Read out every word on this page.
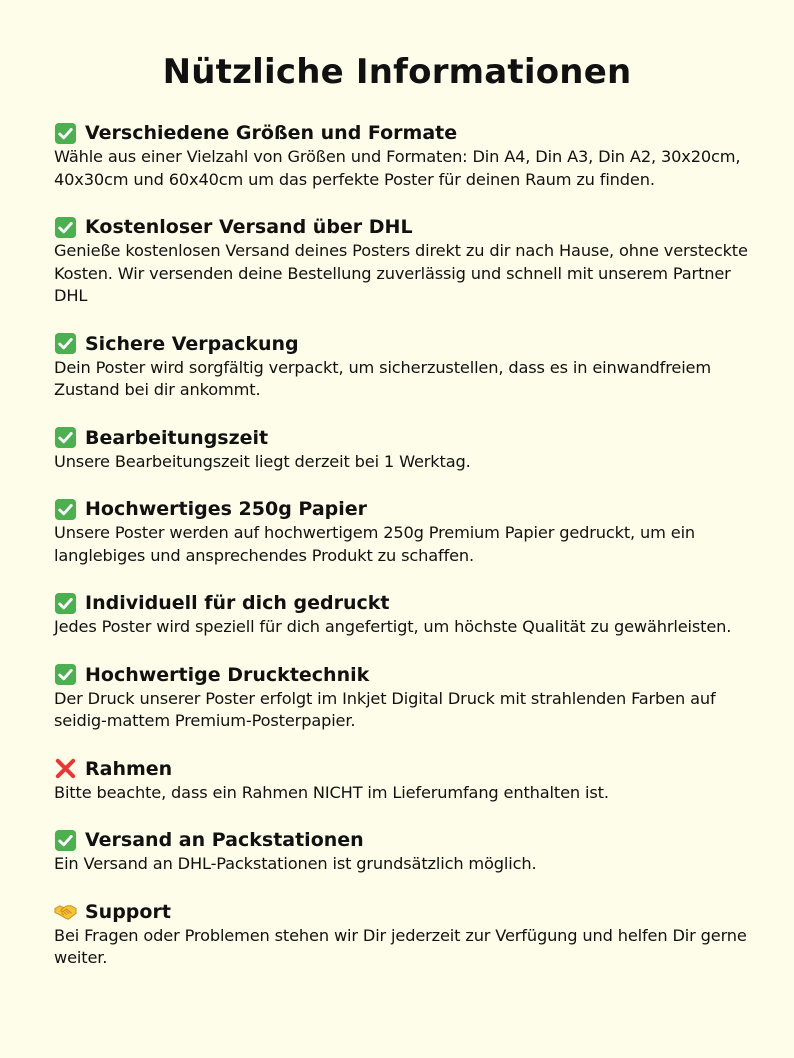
Nützliche Informationen
Verschiedene Größen und Formate

Wähle aus einer Vielzahl von Größen und Formaten: Din A4, Din A3, Din A2, 30x20cm, 40x30cm und 60x40cm um das perfekte Poster für deinen Raum zu finden.

Kostenloser Versand über DHL

Genieße kostenlosen Versand deines Posters direkt zu dir nach Hause, ohne versteckte Kosten. Wir versenden deine Bestellung zuverlässig und schnell mit unserem Partner DHL

Sichere Verpackung

Dein Poster wird sorgfältig verpackt, um sicherzustellen, dass es in einwandfreiem Zustand bei dir ankommt.

Bearbeitungszeit

Unsere Bearbeitungszeit liegt derzeit bei 1 Werktag.

Hochwertiges 250g Papier

Unsere Poster werden auf hochwertigem 250g Premium Papier gedruckt, um ein langlebiges und ansprechendes Produkt zu schaffen.

Individuell für dich gedruckt

Jedes Poster wird speziell für dich angefertigt, um höchste Qualität zu gewährleisten.

Hochwertige Drucktechnik

Der Druck unserer Poster erfolgt im Inkjet Digital Druck mit strahlenden Farben auf seidig-mattem Premium-Posterpapier.

Rahmen

Bitte beachte, dass ein Rahmen NICHT im Lieferumfang enthalten ist.

Versand an Packstationen

Ein Versand an DHL-Packstationen ist grundsätzlich möglich.

Support

Bei Fragen oder Problemen stehen wir Dir jederzeit zur Verfügung und helfen Dir gerne weiter.
